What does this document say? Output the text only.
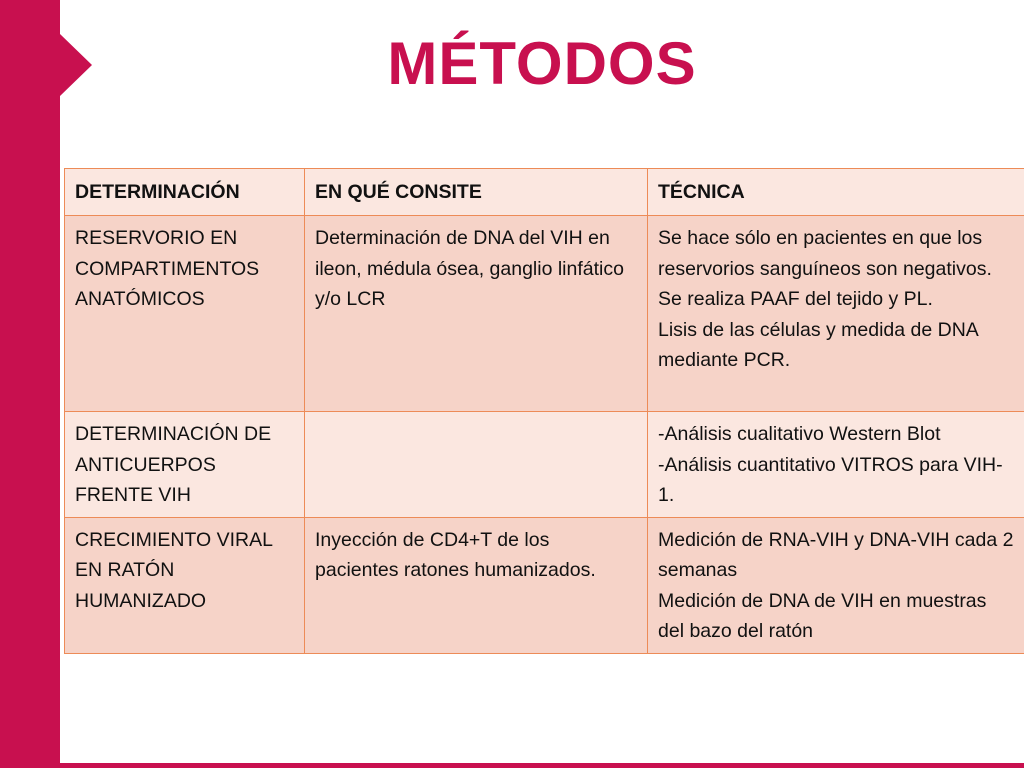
MÉTODOS
DETERMINACIÓN	EN QUÉ CONSITE	TÉCNICA
RESERVORIO EN COMPARTIMENTOS ANATÓMICOS	Determinación de DNA del VIH en ileon, médula ósea, ganglio linfático y/o LCR	Se hace sólo en pacientes en que los reservorios sanguíneos son negativos.
Se realiza PAAF del tejido y PL.
Lisis de las células y medida de DNA mediante PCR.

DETERMINACIÓN DE ANTICUERPOS FRENTE VIH		-Análisis cualitativo Western Blot
-Análisis cuantitativo VITROS para VIH-1.

CRECIMIENTO VIRAL EN RATÓN HUMANIZADO	Inyección de CD4+T de los pacientes ratones humanizados.	Medición de RNA-VIH y DNA-VIH cada 2 semanas
Medición de DNA de VIH en muestras del bazo del ratón
